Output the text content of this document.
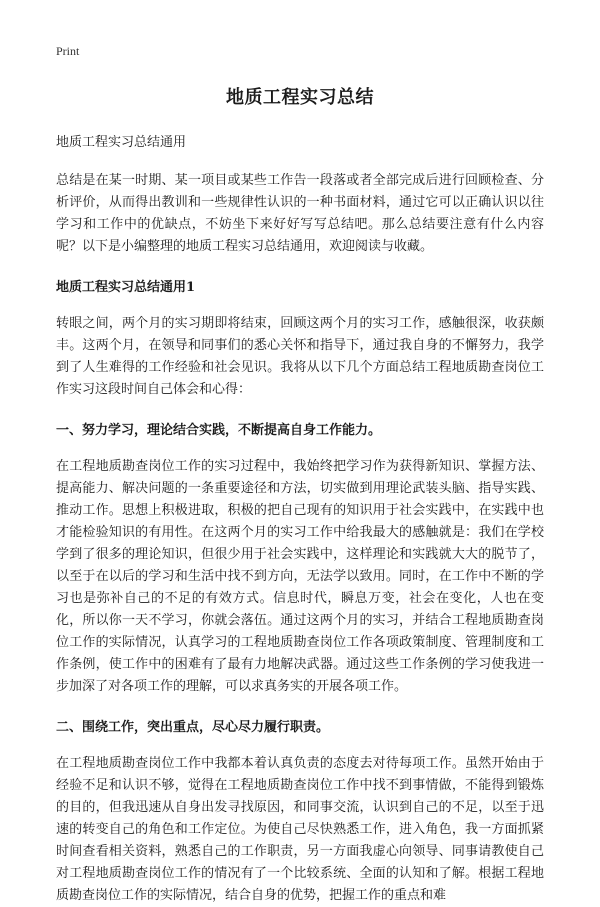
Print
地质工程实习总结
地质工程实习总结通用

总结是在某一时期、某一项目或某些工作告一段落或者全部完成后进行回顾检查、分析评价，从而得出教训和一些规律性认识的一种书面材料，通过它可以正确认识以往学习和工作中的优缺点，不妨坐下来好好写写总结吧。那么总结要注意有什么内容呢？以下是小编整理的地质工程实习总结通用，欢迎阅读与收藏。

地质工程实习总结通用1

转眼之间，两个月的实习期即将结束，回顾这两个月的实习工作，感触很深，收获颇丰。这两个月，在领导和同事们的悉心关怀和指导下，通过我自身的不懈努力，我学到了人生难得的工作经验和社会见识。我将从以下几个方面总结工程地质勘查岗位工作实习这段时间自己体会和心得：

一、努力学习，理论结合实践，不断提高自身工作能力。

在工程地质勘查岗位工作的实习过程中，我始终把学习作为获得新知识、掌握方法、提高能力、解决问题的一条重要途径和方法，切实做到用理论武装头脑、指导实践、推动工作。思想上积极进取，积极的把自己现有的知识用于社会实践中，在实践中也才能检验知识的有用性。在这两个月的实习工作中给我最大的感触就是：我们在学校学到了很多的理论知识，但很少用于社会实践中，这样理论和实践就大大的脱节了，以至于在以后的学习和生活中找不到方向，无法学以致用。同时，在工作中不断的学习也是弥补自己的不足的有效方式。信息时代，瞬息万变，社会在变化，人也在变化，所以你一天不学习，你就会落伍。通过这两个月的实习，并结合工程地质勘查岗位工作的实际情况，认真学习的工程地质勘查岗位工作各项政策制度、管理制度和工作条例，使工作中的困难有了最有力地解决武器。通过这些工作条例的学习使我进一步加深了对各项工作的理解，可以求真务实的开展各项工作。

二、围绕工作，突出重点，尽心尽力履行职责。

在工程地质勘查岗位工作中我都本着认真负责的态度去对待每项工作。虽然开始由于经验不足和认识不够，觉得在工程地质勘查岗位工作中找不到事情做，不能得到锻炼的目的，但我迅速从自身出发寻找原因，和同事交流，认识到自己的不足，以至于迅速的转变自己的角色和工作定位。为使自己尽快熟悉工作，进入角色，我一方面抓紧时间查看相关资料，熟悉自己的工作职责，另一方面我虚心向领导、同事请教使自己对工程地质勘查岗位工作的情况有了一个比较系统、全面的认知和了解。根据工程地质勘查岗位工作的实际情况，结合自身的优势，把握工作的重点和难
